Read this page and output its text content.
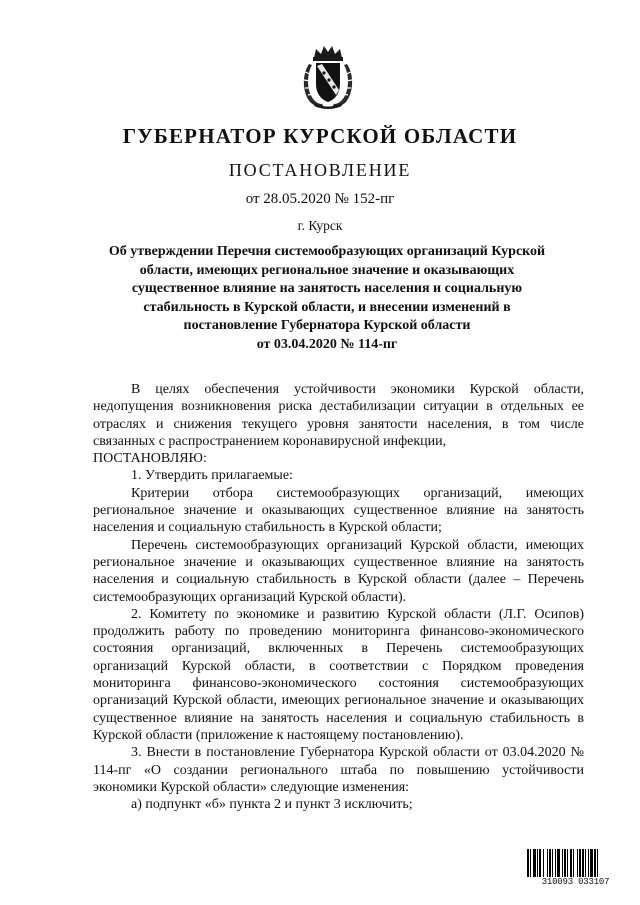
ГУБЕРНАТОР КУРСКОЙ ОБЛАСТИ
ПОСТАНОВЛЕНИЕ
от 28.05.2020 № 152-пг
г. Курск
Об утверждении Перечня системообразующих организаций Курской
области, имеющих региональное значение и оказывающих
существенное влияние на занятость населения и социальную
стабильность в Курской области, и внесении изменений в
постановление Губернатора Курской области
от 03.04.2020 № 114-пг

В целях обеспечения устойчивости экономики Курской области, недопущения возникновения риска дестабилизации ситуации в отдельных ее отраслях и снижения текущего уровня занятости населения, в том числе связанных с распространением коронавирусной инфекции,

ПОСТАНОВЛЯЮ:

1. Утвердить прилагаемые:

Критерии отбора системообразующих организаций, имеющих региональное значение и оказывающих существенное влияние на занятость населения и социальную стабильность в Курской области;

Перечень системообразующих организаций Курской области, имеющих региональное значение и оказывающих существенное влияние на занятость населения и социальную стабильность в Курской области (далее – Перечень системообразующих организаций Курской области).

2. Комитету по экономике и развитию Курской области (Л.Г. Осипов) продолжить работу по проведению мониторинга финансово-экономического состояния организаций, включенных в Перечень системообразующих организаций Курской области, в соответствии с Порядком проведения мониторинга финансово-экономического состояния системообразующих организаций Курской области, имеющих региональное значение и оказывающих существенное влияние на занятость населения и социальную стабильность в Курской области (приложение к настоящему постановлению).

3. Внести в постановление Губернатора Курской области от 03.04.2020 № 114-пг «О создании регионального штаба по повышению устойчивости экономики Курской области» следующие изменения:

а) подпункт «б» пункта 2 и пункт 3 исключить;

310093 033107
